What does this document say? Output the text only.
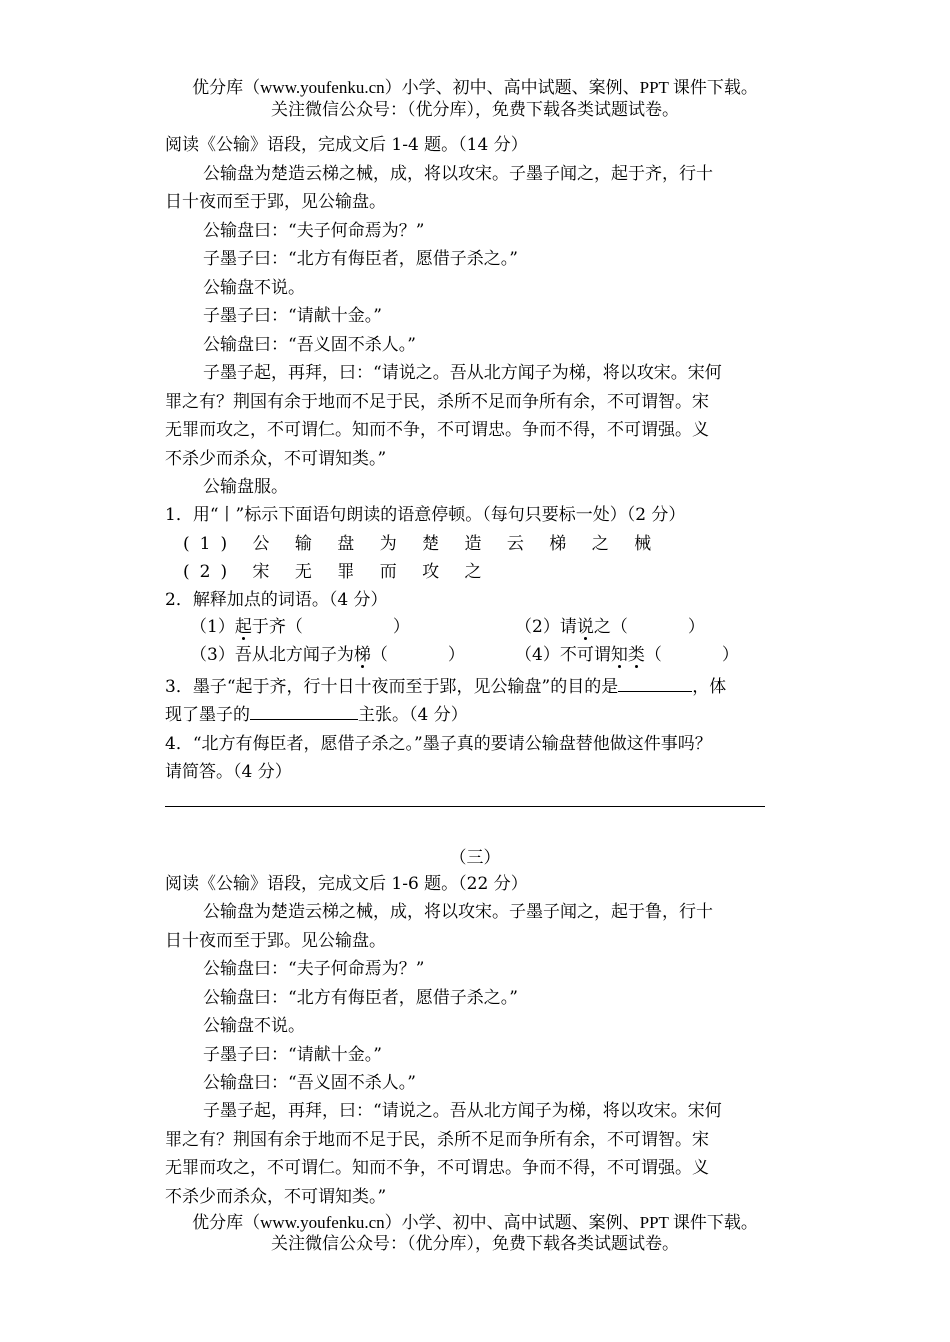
优分库（www.youfenku.cn）小学、初中、高中试题、案例、PPT 课件下载。
关注微信公众号：（优分库），免费下载各类试题试卷。
阅读《公输》语段，完成文后 1-4 题。（14 分）
公输盘为楚造云梯之械，成，将以攻宋。子墨子闻之，起于齐，行十
日十夜而至于郢，见公输盘。
公输盘曰：“夫子何命焉为？”
子墨子曰：“北方有侮臣者，愿借子杀之。”
公输盘不说。
子墨子曰：“请献十金。”
公输盘曰：“吾义固不杀人。”
子墨子起，再拜，曰：“请说之。吾从北方闻子为梯，将以攻宋。宋何
罪之有？荆国有余于地而不足于民，杀所不足而争所有余，不可谓智。宋
无罪而攻之，不可谓仁。知而不争，不可谓忠。争而不得，不可谓强。义
不杀少而杀众，不可谓知类。”
公输盘服。
1．用“丨”标示下面语句朗读的语意停顿。（每句只要标一处）（2 分）
(1) 公 输 盘 为 楚 造 云 梯 之 械
(2) 宋 无 罪 而 攻 之
2．解释加点的词语。（4 分）
（1）起于齐（	）	（2）请说之（	）
（3）吾从北方闻子为梯（	）	（4）不可谓知类（	）
3．墨子“起于齐，行十日十夜而至于郢，见公输盘”的目的是	，体
现了墨子的	主张。（4 分）
4．“北方有侮臣者，愿借子杀之。”墨子真的要请公输盘替他做这件事吗？
请简答。（4 分）
（三）
阅读《公输》语段，完成文后 1-6 题。（22 分）
公输盘为楚造云梯之械，成，将以攻宋。子墨子闻之，起于鲁，行十
日十夜而至于郢。见公输盘。
公输盘曰：“夫子何命焉为？”
公输盘曰：“北方有侮臣者，愿借子杀之。”
公输盘不说。
子墨子曰：“请献十金。”
公输盘曰：“吾义固不杀人。”
子墨子起，再拜，曰：“请说之。吾从北方闻子为梯，将以攻宋。宋何
罪之有？荆国有余于地而不足于民，杀所不足而争所有余，不可谓智。宋
无罪而攻之，不可谓仁。知而不争，不可谓忠。争而不得，不可谓强。义
不杀少而杀众，不可谓知类。”
优分库（www.youfenku.cn）小学、初中、高中试题、案例、PPT 课件下载。
关注微信公众号：（优分库），免费下载各类试题试卷。
